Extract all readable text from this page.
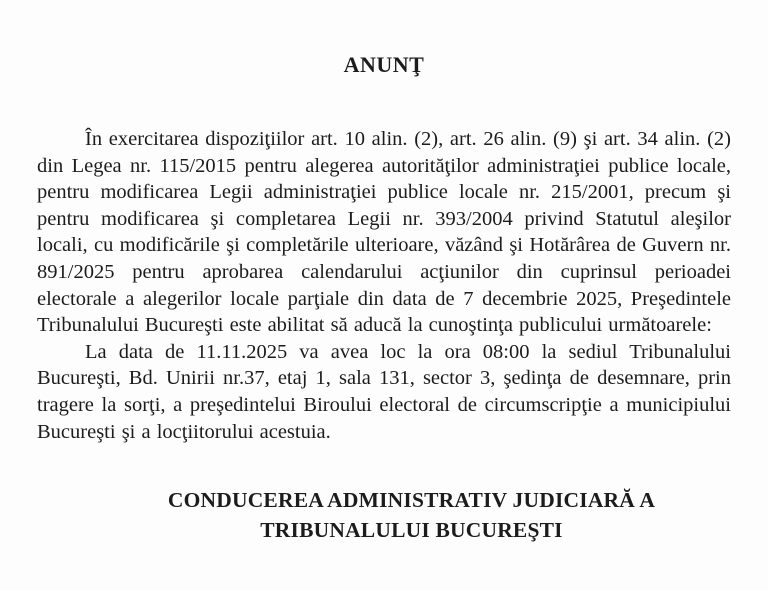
ANUNŢ

În exercitarea dispoziţiilor art. 10 alin. (2), art. 26 alin. (9) şi art. 34 alin. (2) din Legea nr. 115/2015 pentru alegerea autorităţilor administraţiei publice locale, pentru modificarea Legii administraţiei publice locale nr. 215/2001, precum şi pentru modificarea şi completarea Legii nr. 393/2004 privind Statutul aleşilor locali, cu modificările şi completările ulterioare, văzând şi Hotărârea de Guvern nr. 891/2025 pentru aprobarea calendarului acţiunilor din cuprinsul perioadei electorale a alegerilor locale parţiale din data de 7 decembrie 2025, Preşedintele Tribunalului Bucureşti este abilitat să aducă la cunoştinţa publicului următoarele:

La data de 11.11.2025 va avea loc la ora 08:00 la sediul Tribunalului Bucureşti, Bd. Unirii nr.37, etaj 1, sala 131, sector 3, şedinţa de desemnare, prin tragere la sorţi, a preşedintelui Biroului electoral de circumscripţie a municipiului Bucureşti şi a locţiitorului acestuia.

CONDUCEREA ADMINISTRATIV JUDICIARĂ A
TRIBUNALULUI BUCUREŞTI
